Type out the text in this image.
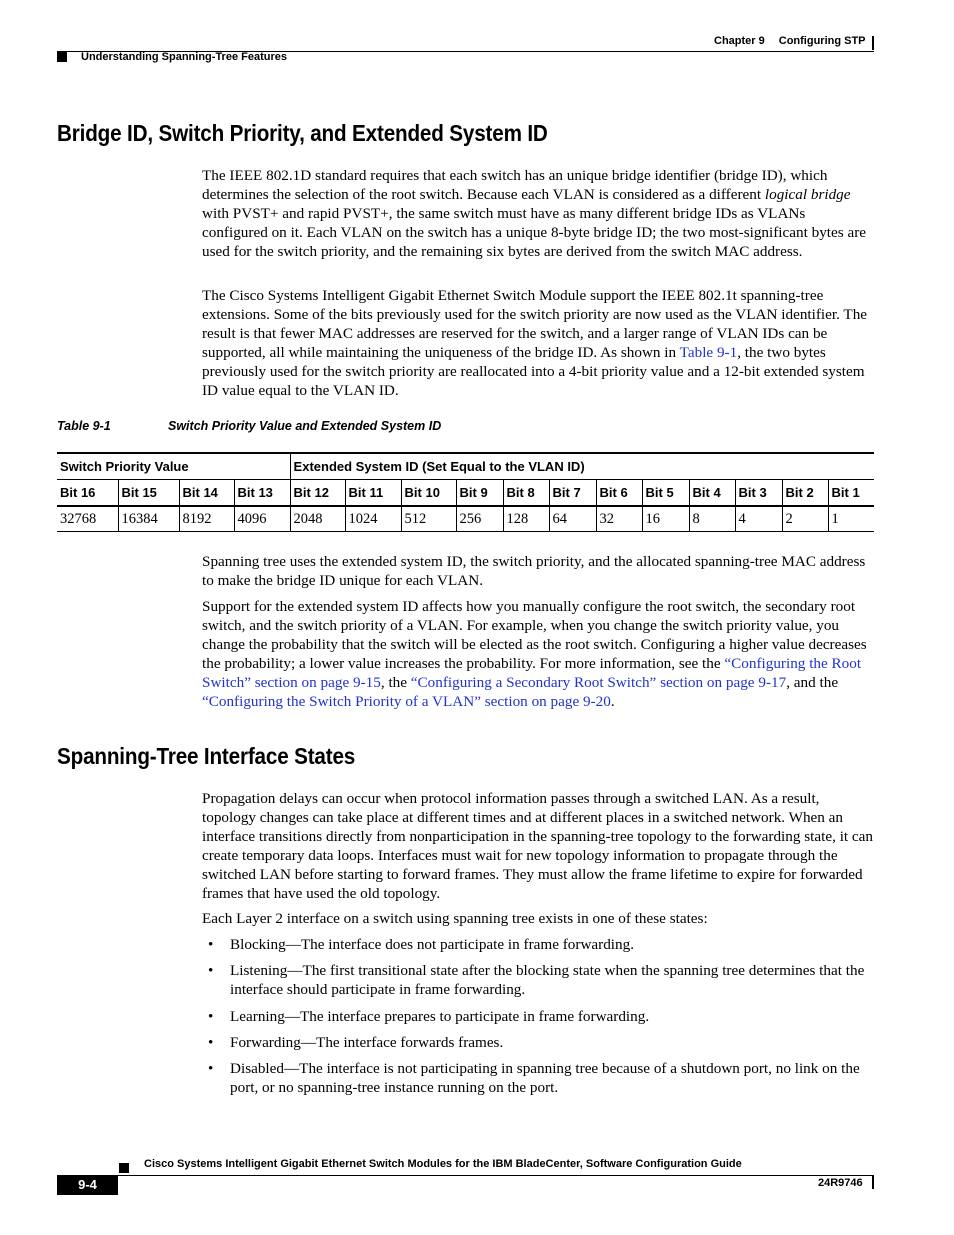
Chapter 9 Configuring STP
Understanding Spanning-Tree Features
Bridge ID, Switch Priority, and Extended System ID

The IEEE 802.1D standard requires that each switch has an unique bridge identifier (bridge ID), which determines the selection of the root switch. Because each VLAN is considered as a different logical bridge with PVST+ and rapid PVST+, the same switch must have as many different bridge IDs as VLANs configured on it. Each VLAN on the switch has a unique 8-byte bridge ID; the two most-significant bytes are used for the switch priority, and the remaining six bytes are derived from the switch MAC address.

The Cisco Systems Intelligent Gigabit Ethernet Switch Module support the IEEE 802.1t spanning-tree extensions. Some of the bits previously used for the switch priority are now used as the VLAN identifier. The result is that fewer MAC addresses are reserved for the switch, and a larger range of VLAN IDs can be supported, all while maintaining the uniqueness of the bridge ID. As shown in Table 9-1, the two bytes previously used for the switch priority are reallocated into a 4-bit priority value and a 12-bit extended system ID value equal to the VLAN ID.

Table 9-1	Switch Priority Value and Extended System ID
Switch Priority Value				Extended System ID (Set Equal to the VLAN ID)											
Bit 16	Bit 15	Bit 14	Bit 13	Bit 12	Bit 11	Bit 10	Bit 9	Bit 8	Bit 7	Bit 6	Bit 5	Bit 4	Bit 3	Bit 2	Bit 1
32768	16384	8192	4096	2048	1024	512	256	128	64	32	16	8	4	2	1

Spanning tree uses the extended system ID, the switch priority, and the allocated spanning-tree MAC address to make the bridge ID unique for each VLAN.

Support for the extended system ID affects how you manually configure the root switch, the secondary root switch, and the switch priority of a VLAN. For example, when you change the switch priority value, you change the probability that the switch will be elected as the root switch. Configuring a higher value decreases the probability; a lower value increases the probability. For more information, see the “Configuring the Root Switch” section on page 9-15, the “Configuring a Secondary Root Switch” section on page 9-17, and the “Configuring the Switch Priority of a VLAN” section on page 9-20.

Spanning-Tree Interface States

Propagation delays can occur when protocol information passes through a switched LAN. As a result, topology changes can take place at different times and at different places in a switched network. When an interface transitions directly from nonparticipation in the spanning-tree topology to the forwarding state, it can create temporary data loops. Interfaces must wait for new topology information to propagate through the switched LAN before starting to forward frames. They must allow the frame lifetime to expire for forwarded frames that have used the old topology.

Each Layer 2 interface on a switch using spanning tree exists in one of these states:

• Blocking—The interface does not participate in frame forwarding.
• Listening—The first transitional state after the blocking state when the spanning tree determines that the interface should participate in frame forwarding.
• Learning—The interface prepares to participate in frame forwarding.
• Forwarding—The interface forwards frames.
• Disabled—The interface is not participating in spanning tree because of a shutdown port, no link on the port, or no spanning-tree instance running on the port.
Cisco Systems Intelligent Gigabit Ethernet Switch Modules for the IBM BladeCenter, Software Configuration Guide
9-4	24R9746
